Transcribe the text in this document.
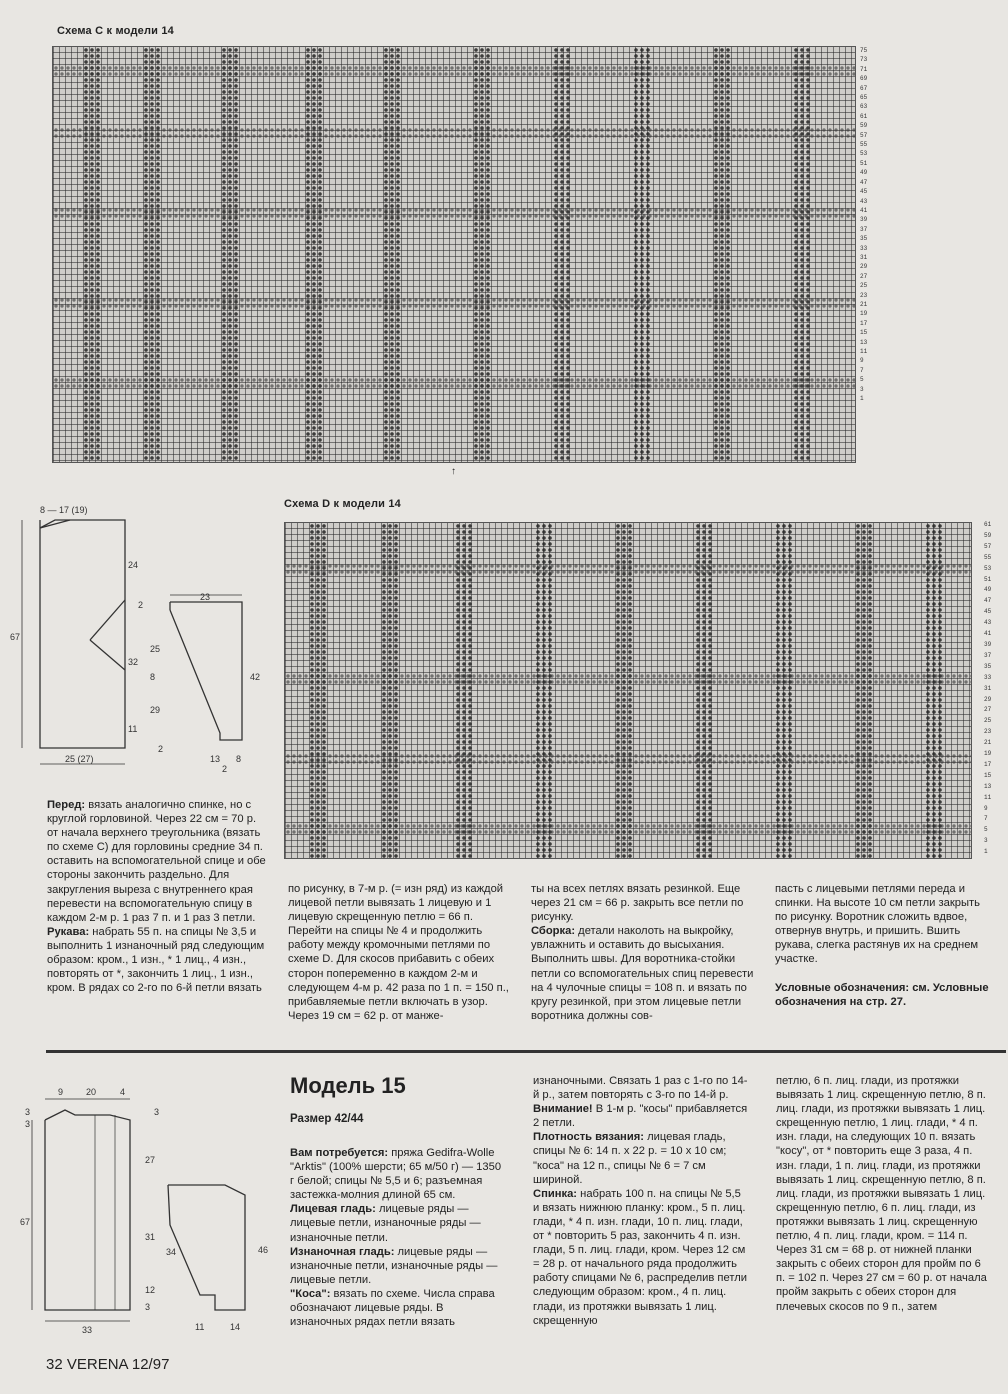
Схема С к модели 14
75
73
71
69
67
65
63
61
59
57
55
53
51
49
47
45
43
41
39
37
35
33
31
29
27
25
23
21
19
17
15
13
11
9
7
5
3
1
↑
Схема D к модели 14
61
59
57
55
53
51
49
47
45
43
41
39
37
35
33
31
29
27
25
23
21
19
17
15
13
11
9
7
5
3
1
8 — 17 (19)
24
2
67
32
2
25 (27)
23
25
8
29
11
42
13 8
2

Перед: вязать аналогично спинке, но с круглой горловиной. Через 22 см = 70 р. от начала верхнего треугольника (вязать по схеме С) для горловины средние 34 п. оставить на вспомогательной спице и обе стороны закончить раздельно. Для закругления выреза с внутреннего края перевести на вспомогательную спицу в каждом 2-м р. 1 раз 7 п. и 1 раз 3 петли.

Рукава: набрать 55 п. на спицы № 3,5 и выполнить 1 изнаночный ряд следующим образом: кром., 1 изн., * 1 лиц., 4 изн., повторять от *, закончить 1 лиц., 1 изн., кром. В рядах со 2-го по 6-й петли вязать

по рисунку, в 7-м р. (= изн ряд) из каждой лицевой петли вывязать 1 лицевую и 1 лицевую скрещенную петлю = 66 п. Перейти на спицы № 4 и продолжить работу между кромочными петлями по схеме D. Для скосов прибавить с обеих сторон попеременно в каждом 2-м и следующем 4-м р. 42 раза по 1 п. = 150 п., прибавляемые петли включать в узор. Через 19 см = 62 р. от манже-

ты на всех петлях вязать резинкой. Еще через 21 см = 66 р. закрыть все петли по рисунку.

Сборка: детали наколоть на выкройку, увлажнить и оставить до высыхания. Выполнить швы. Для воротника-стойки петли со вспомогательных спиц перевести на 4 чулочные спицы = 108 п. и вязать по кругу резинкой, при этом лицевые петли воротника должны сов-

пасть с лицевыми петлями переда и спинки. На высоте 10 см петли закрыть по рисунку. Воротник сложить вдвое, отвернув внутрь, и пришить. Вшить рукава, слегка растянув их на среднем участке.

Условные обозначения: см. Условные обозначения на стр. 27.

9	20	4
3
3
3
67
27
31
12
3
33
34	46
11	14
Модель 15
Размер 42/44

Вам потребуется: пряжа Gedifra-Wolle "Arktis" (100% шерсти; 65 м/50 г) — 1350 г белой; спицы № 5,5 и 6; разъемная застежка-молния длиной 65 см.

Лицевая гладь: лицевые ряды — лицевые петли, изнаночные ряды — изнаночные петли.

Изнаночная гладь: лицевые ряды — изнаночные петли, изнаночные ряды — лицевые петли.

"Коса": вязать по схеме. Числа справа обозначают лицевые ряды. В изнаночных рядах петли вязать

изнаночными. Связать 1 раз с 1-го по 14-й р., затем повторять с 3-го по 14-й р. Внимание! В 1-м р. "косы" прибавляется 2 петли.

Плотность вязания: лицевая гладь, спицы № 6: 14 п. х 22 р. = 10 х 10 см; "коса" на 12 п., спицы № 6 = 7 см шириной.

Спинка: набрать 100 п. на спицы № 5,5 и вязать нижнюю планку: кром., 5 п. лиц. глади, * 4 п. изн. глади, 10 п. лиц. глади, от * повторить 5 раз, закончить 4 п. изн. глади, 5 п. лиц. глади, кром. Через 12 см = 28 р. от начального ряда продолжить работу спицами № 6, распределив петли следующим образом: кром., 4 п. лиц. глади, из протяжки вывязать 1 лиц. скрещенную

петлю, 6 п. лиц. глади, из протяжки вывязать 1 лиц. скрещенную петлю, 8 п. лиц. глади, из протяжки вывязать 1 лиц. скрещенную петлю, 1 лиц. глади, * 4 п. изн. глади, на следующих 10 п. вязать "косу", от * повторить еще 3 раза, 4 п. изн. глади, 1 п. лиц. глади, из протяжки вывязать 1 лиц. скрещенную петлю, 8 п. лиц. глади, из протяжки вывязать 1 лиц. скрещенную петлю, 6 п. лиц. глади, из протяжки вывязать 1 лиц. скрещенную петлю, 4 п. лиц. глади, кром. = 114 п. Через 31 см = 68 р. от нижней планки закрыть с обеих сторон для пройм по 6 п. = 102 п. Через 27 см = 60 р. от начала пройм закрыть с обеих сторон для плечевых скосов по 9 п., затем

32 VERENA 12/97
